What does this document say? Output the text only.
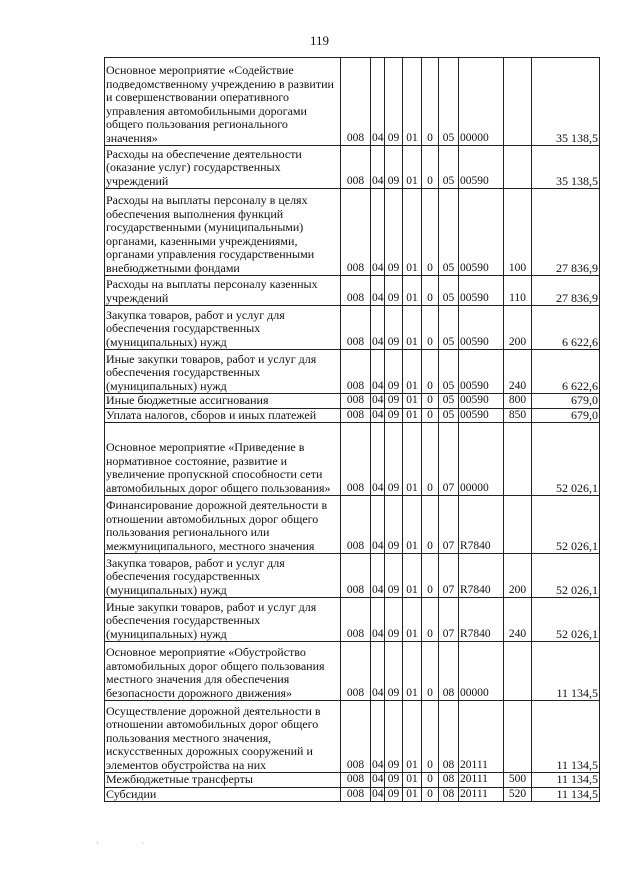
119
Основное мероприятие «Содействие подведомственному учреждению в развитии и совершенствовании оперативного управления автомобильными дорогами общего пользования регионального значения»	008	04	09	01	0	05	00000		35 138,5
Расходы на обеспечение деятельности (оказание услуг) государственных учреждений	008	04	09	01	0	05	00590		35 138,5
Расходы на выплаты персоналу в целях обеспечения выполнения функций государственными (муниципальными) органами, казенными учреждениями, органами управления государственными внебюджетными фондами	008	04	09	01	0	05	00590	100	27 836,9
Расходы на выплаты персоналу казенных учреждений	008	04	09	01	0	05	00590	110	27 836,9
Закупка товаров, работ и услуг для обеспечения государственных (муниципальных) нужд	008	04	09	01	0	05	00590	200	6 622,6
Иные закупки товаров, работ и услуг для обеспечения государственных (муниципальных) нужд	008	04	09	01	0	05	00590	240	6 622,6
Иные бюджетные ассигнования	008	04	09	01	0	05	00590	800	679,0
Уплата налогов, сборов и иных платежей	008	04	09	01	0	05	00590	850	679,0
Основное мероприятие «Приведение в нормативное состояние, развитие и увеличение пропускной способности сети автомобильных дорог общего пользования»	008	04	09	01	0	07	00000		52 026,1
Финансирование дорожной деятельности в отношении автомобильных дорог общего пользования регионального или межмуниципального, местного значения	008	04	09	01	0	07	R7840		52 026,1
Закупка товаров, работ и услуг для обеспечения государственных (муниципальных) нужд	008	04	09	01	0	07	R7840	200	52 026,1
Иные закупки товаров, работ и услуг для обеспечения государственных (муниципальных) нужд	008	04	09	01	0	07	R7840	240	52 026,1
Основное мероприятие «Обустройство автомобильных дорог общего пользования местного значения для обеспечения безопасности дорожного движения»	008	04	09	01	0	08	00000		11 134,5
Осуществление дорожной деятельности в отношении автомобильных дорог общего пользования местного значения, искусственных дорожных сооружений и элементов обустройства на них	008	04	09	01	0	08	20111		11 134,5
Межбюджетные трансферты	008	04	09	01	0	08	20111	500	11 134,5
Субсидии	008	04	09	01	0	08	20111	520	11 134,5
· ·
